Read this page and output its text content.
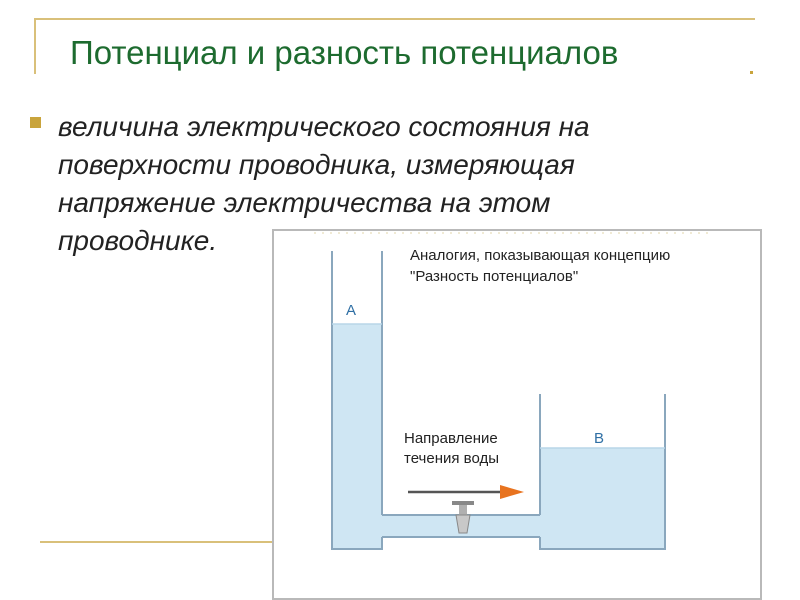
Потенциал и разность потенциалов
величина электрического состояния на поверхности проводника, измеряющая напряжение электричества на этом проводнике.	Аналогия, показывающая концепцию
"Разность потенциалов"
A
B
Направление
течения воды
